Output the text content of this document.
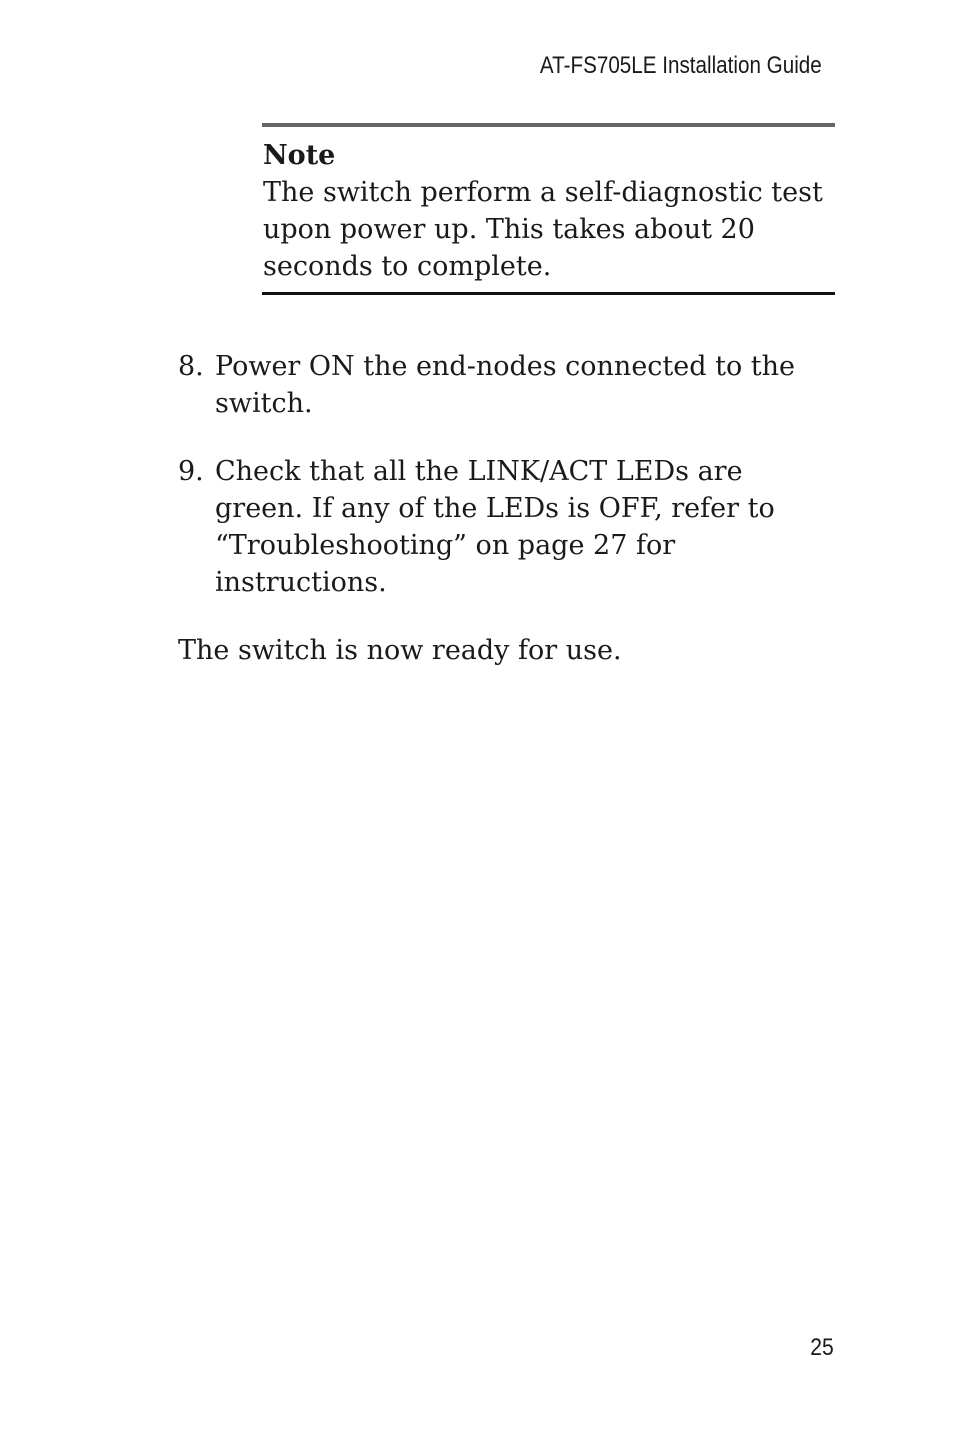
AT-FS705LE Installation Guide
Note
The switch perform a self-diagnostic test
upon power up. This takes about 20
seconds to complete.
8. Power ON the end-nodes connected to the
switch.
9. Check that all the LINK/ACT LEDs are
green. If any of the LEDs is OFF, refer to
“Troubleshooting” on page 27 for
instructions.
The switch is now ready for use.
25
